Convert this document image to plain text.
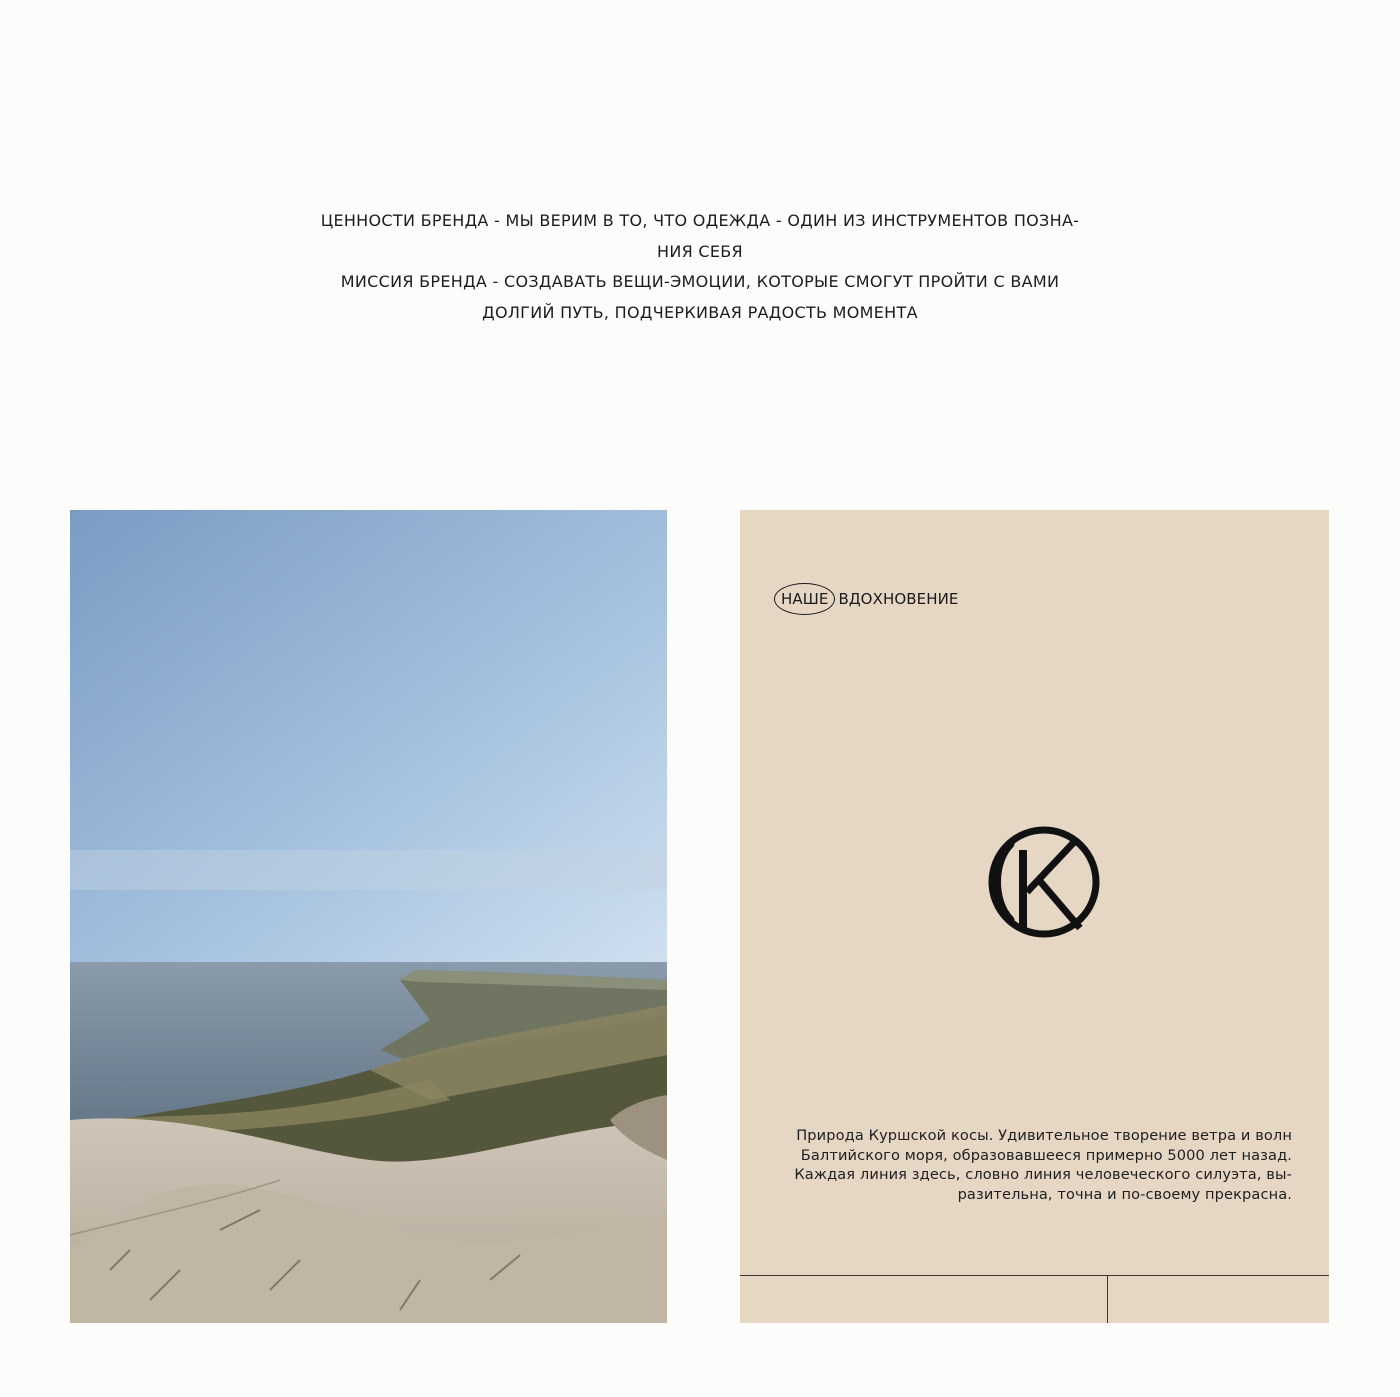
ЦЕННОСТИ БРЕНДА - МЫ ВЕРИМ В ТО, ЧТО ОДЕЖДА - ОДИН ИЗ ИНСТРУМЕНТОВ ПОЗНА-
НИЯ СЕБЯ
МИССИЯ БРЕНДА - СОЗДАВАТЬ ВЕЩИ-ЭМОЦИИ, КОТОРЫЕ СМОГУТ ПРОЙТИ С ВАМИ
ДОЛГИЙ ПУТЬ, ПОДЧЕРКИВАЯ РАДОСТЬ МОМЕНТА
НАШЕ ВДОХНОВЕНИЕ
Природа Куршской косы. Удивительное творение ветра и волн
Балтийского моря, образовавшееся примерно 5000 лет назад.
Каждая линия здесь, словно линия человеческого силуэта, вы-
разительна, точна и по-своему прекрасна.
